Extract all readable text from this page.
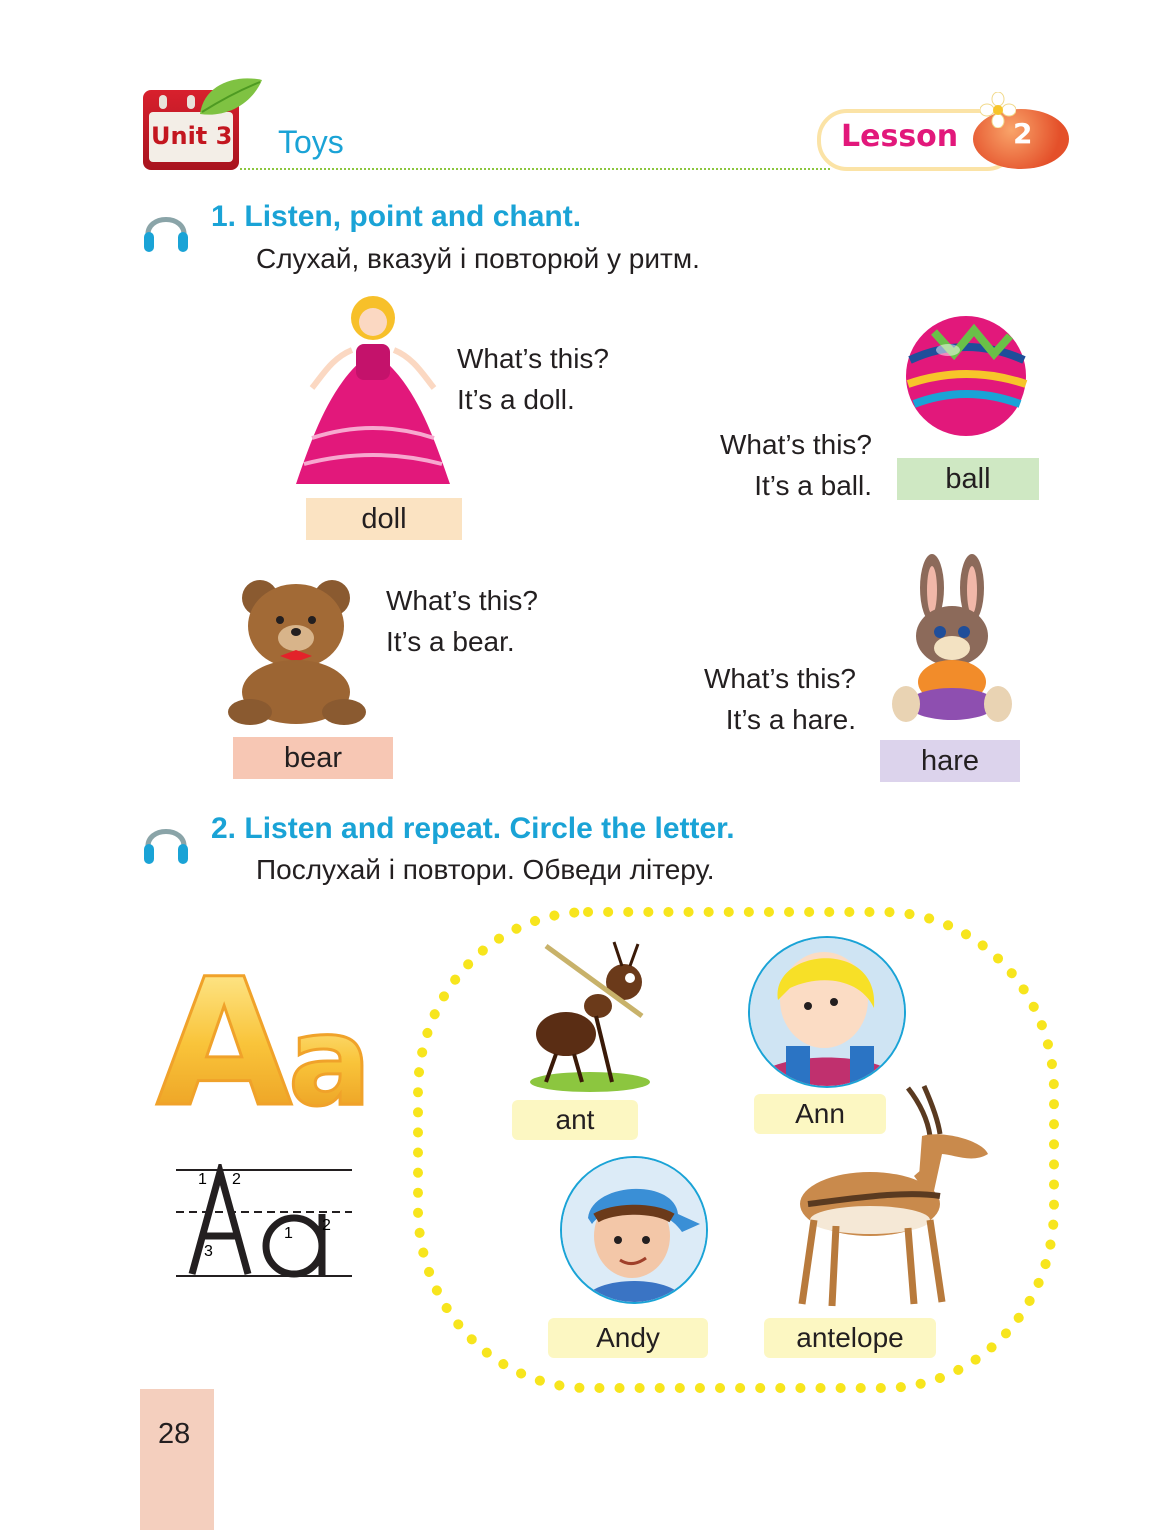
Unit 3 Toys	Lesson 2
1. Listen, point and chant.
Слухай, вказуй і повторюй у ритм.
What’s this?
It’s a doll.
doll
What’s this?
It’s a ball.	ball
What’s this?
It’s a bear.
bear
What’s this?
It’s a hare.
hare
2. Listen and repeat. Circle the letter.
Послухай і повтори. Обведи літеру.
A
a
1 2
3
1 2
ant	Ann
Andy	antelope
28
